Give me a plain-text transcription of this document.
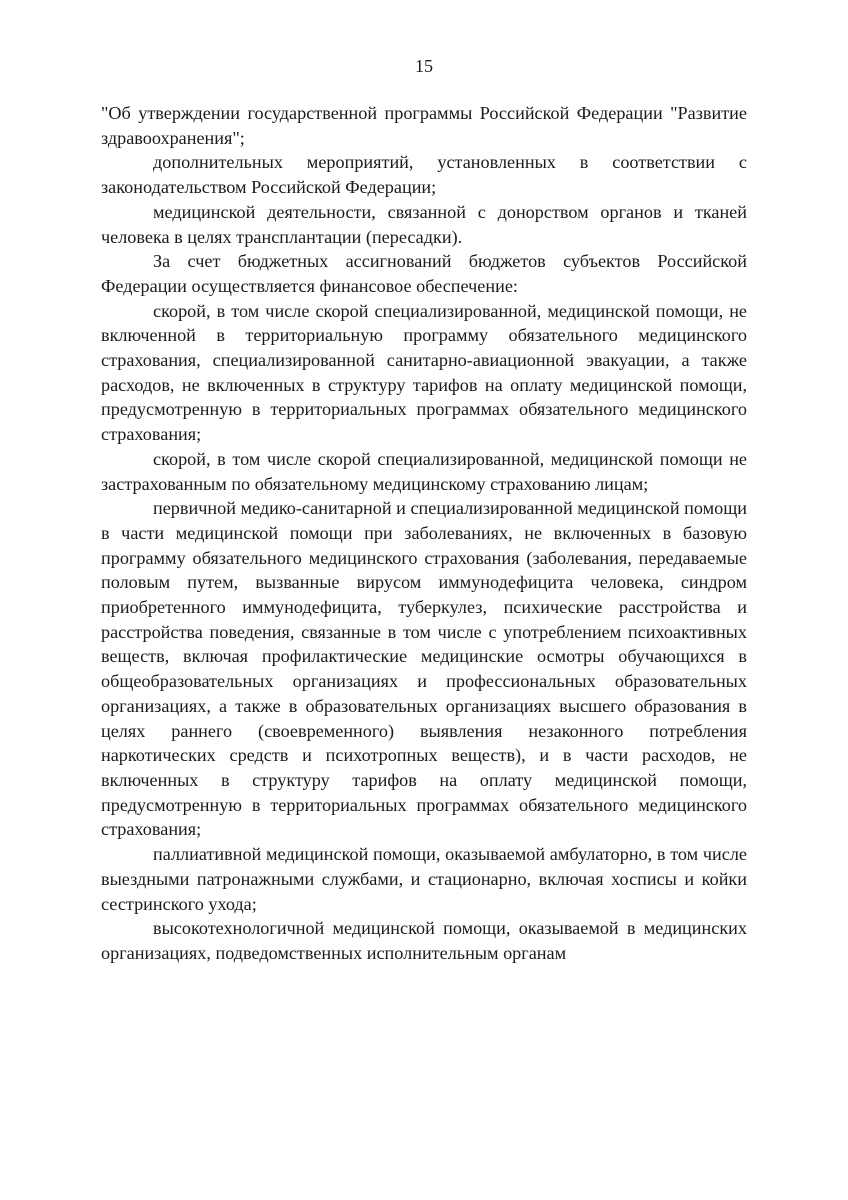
15

"Об утверждении государственной программы Российской Федерации "Развитие здравоохранения";

дополнительных мероприятий, установленных в соответствии с законодательством Российской Федерации;

медицинской деятельности, связанной с донорством органов и тканей человека в целях трансплантации (пересадки).

За счет бюджетных ассигнований бюджетов субъектов Российской Федерации осуществляется финансовое обеспечение:

скорой, в том числе скорой специализированной, медицинской помощи, не включенной в территориальную программу обязательного медицинского страхования, специализированной санитарно-авиационной эвакуации, а также расходов, не включенных в структуру тарифов на оплату медицинской помощи, предусмотренную в территориальных программах обязательного медицинского страхования;

скорой, в том числе скорой специализированной, медицинской помощи не застрахованным по обязательному медицинскому страхованию лицам;

первичной медико-санитарной и специализированной медицинской помощи в части медицинской помощи при заболеваниях, не включенных в базовую программу обязательного медицинского страхования (заболевания, передаваемые половым путем, вызванные вирусом иммунодефицита человека, синдром приобретенного иммунодефицита, туберкулез, психические расстройства и расстройства поведения, связанные в том числе с употреблением психоактивных веществ, включая профилактические медицинские осмотры обучающихся в общеобразовательных организациях и профессиональных образовательных организациях, а также в образовательных организациях высшего образования в целях раннего (своевременного) выявления незаконного потребления наркотических средств и психотропных веществ), и в части расходов, не включенных в структуру тарифов на оплату медицинской помощи, предусмотренную в территориальных программах обязательного медицинского страхования;

паллиативной медицинской помощи, оказываемой амбулаторно, в том числе выездными патронажными службами, и стационарно, включая хосписы и койки сестринского ухода;

высокотехнологичной медицинской помощи, оказываемой в медицинских организациях, подведомственных исполнительным органам
